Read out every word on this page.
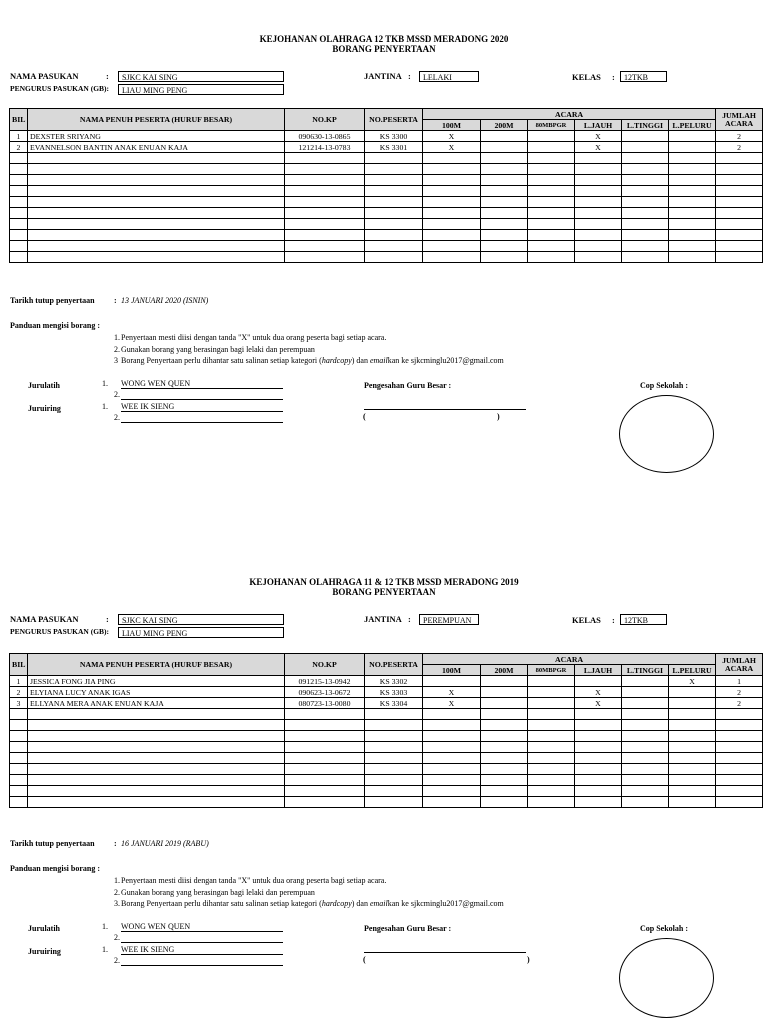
KEJOHANAN OLAHRAGA 12 TKB MSSD MERADONG 2020
BORANG PENYERTAAN
NAMA PASUKAN	:	SJKC KAI SING
PENGURUS PASUKAN (GB):	LIAU MING PENG
JANTINA :	LELAKI	KELAS :	12TKB
BIL	NAMA PENUH PESERTA (HURUF BESAR)	NO.KP	NO.PESERTA	ACARA						JUMLAH ACARA
				100M	200M	80MBPGR	L.JAUH	L.TINGGI	L.PELURU	
1	DEXSTER SRIYANG	090630-13-0865	KS 3300	X			X			2
2	EVANNELSON BANTIN ANAK ENUAN KAJA	121214-13-0783	KS 3301	X			X			2

Tarikh tutup penyertaan : 13 JANUARI 2020 (ISNIN)
Panduan mengisi borang :
1.Penyertaan mesti diisi dengan tanda "X" untuk dua orang peserta bagi setiap acara.
2.Gunakan borang yang berasingan bagi lelaki dan perempuan
3 Borang Penyertaan perlu dihantar satu salinan setiap kategori (hardcopy) dan emailkan ke sjkcminglu2017@gmail.com
Jurulatih
Juruiring
1. WONG WEN QUEN
2.
1. WEE IK SIENG
2.
Pengesahan Guru Besar :
(	)
Cop Sekolah :
KEJOHANAN OLAHRAGA 11 & 12 TKB MSSD MERADONG 2019
BORANG PENYERTAAN
NAMA PASUKAN	:	SJKC KAI SING
PENGURUS PASUKAN (GB):	LIAU MING PENG
JANTINA :	PEREMPUAN	KELAS :	12TKB
BIL	NAMA PENUH PESERTA (HURUF BESAR)	NO.KP	NO.PESERTA	ACARA						JUMLAH ACARA
				100M	200M	80MBPGR	L.JAUH	L.TINGGI	L.PELURU	
1	JESSICA FONG JIA PING	091215-13-0942	KS 3302						X	1
2	ELYIANA LUCY ANAK IGAS	090623-13-0672	KS 3303	X			X			2
3	ELLYANA MERA ANAK ENUAN KAJA	080723-13-0080	KS 3304	X			X			2

Tarikh tutup penyertaan : 16 JANUARI 2019 (RABU)
Panduan mengisi borang :
1.Penyertaan mesti diisi dengan tanda "X" untuk dua orang peserta bagi setiap acara.
2.Gunakan borang yang berasingan bagi lelaki dan perempuan
3.Borang Penyertaan perlu dihantar satu salinan setiap kategori (hardcopy) dan emailkan ke sjkcminglu2017@gmail.com
Jurulatih
Juruiring
1. WONG WEN QUEN
2.
1. WEE IK SIENG
2.
Pengesahan Guru Besar :
(	)
Cop Sekolah :
